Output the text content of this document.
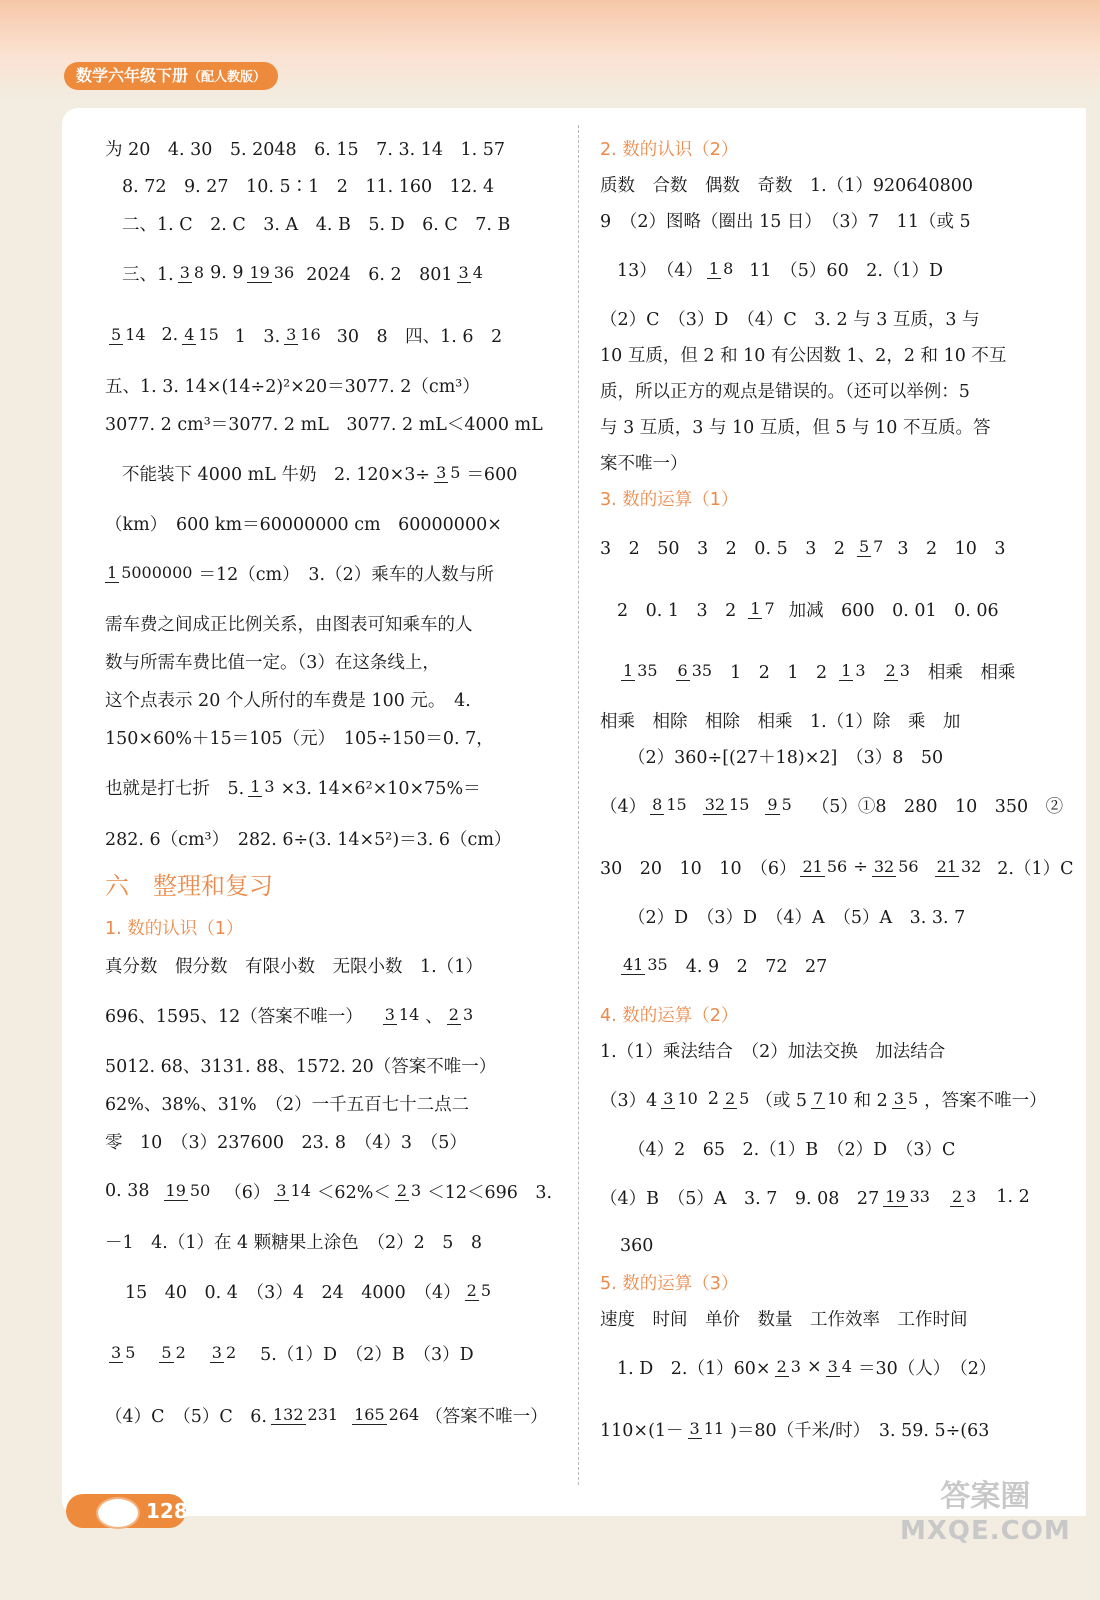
数学六年级下册（配人教版）
为 20　4. 30　5. 2048　6. 15　7. 3. 14　1. 57
8. 72　9. 27　10. 5∶1　2　11. 160　12. 4
二、1. C　2. C　3. A　4. B　5. D　6. C　7. B
三、1. 3 8 9. 9 19 36 2024　6. 2　801 3 4
5 14 2. 4 15 1　3. 3 16 30　8　四、1. 6　2
五、1. 3. 14×(14÷2)²×20＝3077. 2（cm³）
3077. 2 cm³＝3077. 2 mL　3077. 2 mL＜4000 mL
不能装下 4000 mL 牛奶　2. 120×3÷ 3 5 ＝600
（km）　600 km＝60000000 cm　60000000×
1 5000000 ＝12（cm）　3.（2）乘车的人数与所
需车费之间成正比例关系，由图表可知乘车的人
数与所需车费比值一定。（3）在这条线上，
这个点表示 20 个人所付的车费是 100 元。　4.
150×60%＋15＝105（元）　105÷150＝0. 7，
也就是打七折　5. 1 3 ×3. 14×6²×10×75%＝
282. 6（cm³）　282. 6÷(3. 14×5²)＝3. 6（cm）
六　整理和复习
1. 数的认识（1）
真分数　假分数　有限小数　无限小数　1.（1）
696、1595、12（答案不唯一） 3 14 、 2 3
5012. 68、3131. 88、1572. 20（答案不唯一）
62%、38%、31%　（2）一千五百七十二点二
零　10　（3）237600　23. 8　（4）3　（5）
0. 38 19 50 （6） 3 14 ＜62%＜ 2 3 ＜12＜696　3.
－1　4.（1）在 4 颗糖果上涂色　（2）2　5　8
15　40　0. 4　（3）4　24　4000　（4） 2 5
3 5 5 2 3 2 5.（1）D　（2）B　（3）D
（4）C　（5）C　6. 132 231 165 264 （答案不唯一）
2. 数的认识（2）
质数　合数　偶数　奇数　1.（1）920640800
9　（2）图略（圈出 15 日）　（3）7　11（或 5
13）　（4） 1 8 11　（5）60　2.（1）D
（2）C　（3）D　（4）C　3. 2 与 3 互质，3 与
10 互质，但 2 和 10 有公因数 1、2，2 和 10 不互
质，所以正方的观点是错误的。（还可以举例：5
与 3 互质，3 与 10 互质，但 5 与 10 不互质。答
案不唯一）
3. 数的运算（1）
3　2　50　3　2　0. 5　3　2 5 7 3　2　10　3
2　0. 1　3　2 1 7 加减　600　0. 01　0. 06
1 35 6 35 1　2　1　2 1 3 2 3 相乘　相乘
相乘　相除　相除　相乘　1.（1）除　乘　加
（2）360÷[(27＋18)×2]　（3）8　50
（4） 8 15 32 15 9 5 （5）①8　280　10　350　②
30　20　10　10　（6） 21 56 ÷ 32 56 21 32 2.（1）C
（2）D　（3）D　（4）A　（5）A　3. 3. 7
41 35 4. 9　2　72　27
4. 数的运算（2）
1.（1）乘法结合　（2）加法交换　加法结合
（3）4 3 10 2 2 5 （或 5 7 10 和 2 3 5 ，答案不唯一）
（4）2　65　2.（1）B　（2）D　（3）C
（4）B　（5）A　3. 7　9. 08　27 19 33 2 3 1. 2
360
5. 数的运算（3）
速度　时间　单价　数量　工作效率　工作时间
1. D　2.（1）60× 2 3 × 3 4 ＝30（人）　（2）
110×(1－ 3 11 )＝80（千米/时）　3. 59. 5÷(63
128	答案圈
MXQE.COM
